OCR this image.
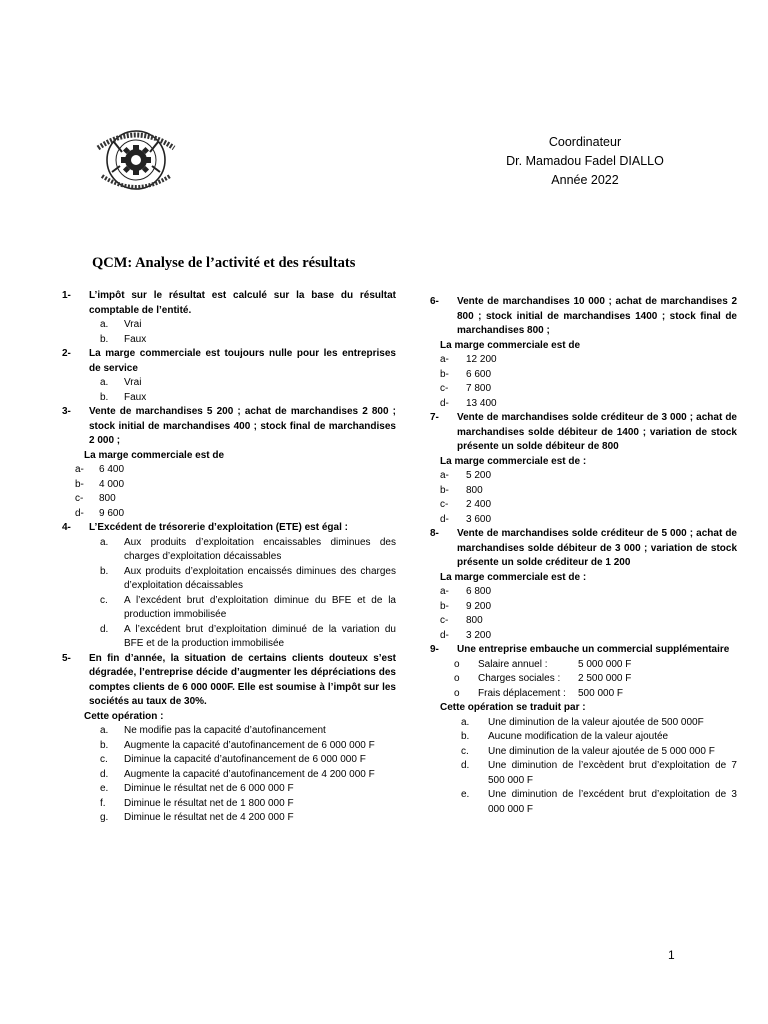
Coordinateur
Dr. Mamadou Fadel DIALLO
Année 2022
QCM: Analyse de l’activité et des résultats
1- L’impôt sur le résultat est calculé sur la base du résultat comptable de l’entité.
a. Vrai
b. Faux
2- La marge commerciale est toujours nulle pour les entreprises de service
a. Vrai
b. Faux
3- Vente de marchandises 5 200 ; achat de marchandises 2 800 ; stock initial de marchandises 400 ; stock final de marchandises 2 000 ;
La marge commerciale est de
a- 6 400
b- 4 000
c- 800
d- 9 600
4- L’Excédent de trésorerie d’exploitation (ETE) est égal :
a. Aux produits d’exploitation encaissables diminues des charges d’exploitation décaissables
b. Aux produits d’exploitation encaissés diminues des charges d’exploitation décaissables
c. A l’excédent brut d’exploitation diminue du BFE et de la production immobilisée
d. A l’excédent brut d’exploitation diminué de la variation du BFE et de la production immobilisée
5- En fin d’année, la situation de certains clients douteux s’est dégradée, l’entreprise décide d’augmenter les dépréciations des comptes clients de 6 000 000F. Elle est soumise à l’impôt sur les sociétés au taux de 30%.
Cette opération :
a. Ne modifie pas la capacité d’autofinancement
b. Augmente la capacité d’autofinancement de 6 000 000 F
c. Diminue la capacité d’autofinancement de 6 000 000 F
d. Augmente la capacité d’autofinancement de 4 200 000 F
e. Diminue le résultat net de 6 000 000 F
f. Diminue le résultat net de 1 800 000 F
g. Diminue le résultat net de 4 200 000 F
6- Vente de marchandises 10 000 ; achat de marchandises 2 800 ; stock initial de marchandises 1400 ; stock final de marchandises 800 ;
La marge commerciale est de
a- 12 200
b- 6 600
c- 7 800
d- 13 400
7- Vente de marchandises solde créditeur de 3 000 ; achat de marchandises solde débiteur de 1400 ; variation de stock présente un solde débiteur de 800
La marge commerciale est de :
a- 5 200
b- 800
c- 2 400
d- 3 600
8- Vente de marchandises solde créditeur de 5 000 ; achat de marchandises solde débiteur de 3 000 ; variation de stock présente un solde créditeur de 1 200
La marge commerciale est de :
a- 6 800
b- 9 200
c- 800
d- 3 200
9- Une entreprise embauche un commercial supplémentaire
o Salaire annuel :	5 000 000 F
o Charges sociales : 2 500 000 F
o Frais déplacement : 500 000 F
Cette opération se traduit par :
a. Une diminution de la valeur ajoutée de 500 000F
b. Aucune modification de la valeur ajoutée
c. Une diminution de la valeur ajoutée de 5 000 000 F
d. Une diminution de l’excèdent brut d’exploitation de 7 500 000 F
e. Une diminution de l’excédent brut d’exploitation de 3 000 000 F
1
